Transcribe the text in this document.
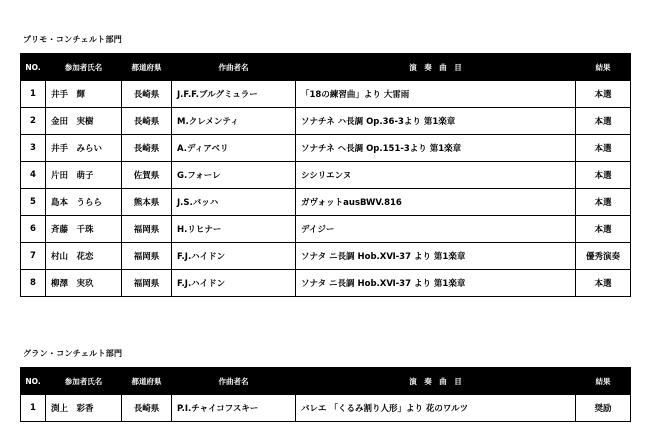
プリモ・コンチェルト部門
NO.	参加者氏名	都道府県	作曲者名	演　奏　曲　目	結果
1	井手　輝	長崎県	J.F.F.ブルグミュラー	「18の練習曲」より 大雷雨	本選
2	金田　実樹	長崎県	M.クレメンティ	ソナチネ ハ長調 Op.36-3より 第1楽章	本選
3	井手　みらい	長崎県	A.ディアベリ	ソナチネ ヘ長調 Op.151-3より 第1楽章	本選
4	片田　萌子	佐賀県	G.フォーレ	シシリエンヌ	本選
5	島本　うらら	熊本県	J.S.バッハ	ガヴォットausBWV.816	本選
6	斉藤　千珠	福岡県	H.リヒナー	デイジー	本選
7	村山　花恋	福岡県	F.J.ハイドン	ソナタ ニ長調 Hob.XⅥ-37 より 第1楽章	優秀演奏
8	柳澤　実玖	福岡県	F.J.ハイドン	ソナタ ニ長調 Hob.XⅥ-37 より 第1楽章	本選
グラン・コンチェルト部門
NO.	参加者氏名	都道府県	作曲者名	演　奏　曲　目	結果
1	渕上　彩香	長崎県	P.I.チャイコフスキー	バレエ 「くるみ割り人形」より 花のワルツ	奨励
